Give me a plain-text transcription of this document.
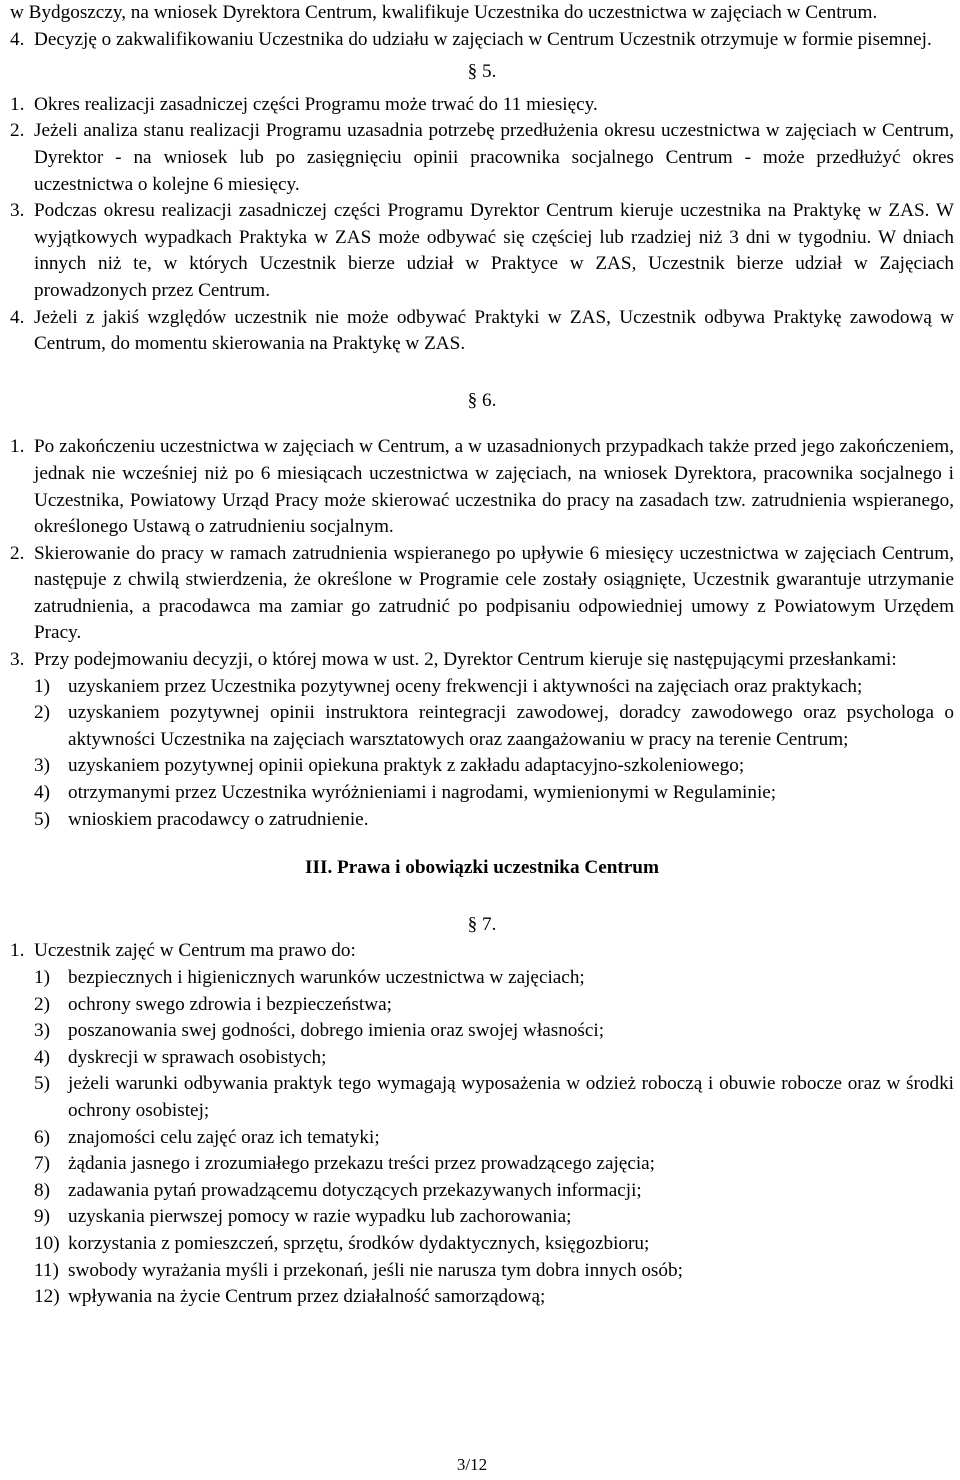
w Bydgoszczy, na wniosek Dyrektora Centrum, kwalifikuje Uczestnika do uczestnictwa w zajęciach w Centrum.
4. Decyzję o zakwalifikowaniu Uczestnika do udziału w zajęciach w Centrum Uczestnik otrzymuje w formie pisemnej.
§ 5.
1. Okres realizacji zasadniczej części Programu może trwać do 11 miesięcy.
2. Jeżeli analiza stanu realizacji Programu uzasadnia potrzebę przedłużenia okresu uczestnictwa w zajęciach w Centrum, Dyrektor - na wniosek lub po zasięgnięciu opinii pracownika socjalnego Centrum - może przedłużyć okres uczestnictwa o kolejne 6 miesięcy.
3. Podczas okresu realizacji zasadniczej części Programu Dyrektor Centrum kieruje uczestnika na Praktykę w ZAS. W wyjątkowych wypadkach Praktyka w ZAS może odbywać się częściej lub rzadziej niż 3 dni w tygodniu. W dniach innych niż te, w których Uczestnik bierze udział w Praktyce w ZAS, Uczestnik bierze udział w Zajęciach prowadzonych przez Centrum.
4. Jeżeli z jakiś względów uczestnik nie może odbywać Praktyki w ZAS, Uczestnik odbywa Praktykę zawodową w Centrum, do momentu skierowania na Praktykę w ZAS.
§ 6.
1. Po zakończeniu uczestnictwa w zajęciach w Centrum, a w uzasadnionych przypadkach także przed jego zakończeniem, jednak nie wcześniej niż po 6 miesiącach uczestnictwa w zajęciach, na wniosek Dyrektora, pracownika socjalnego i Uczestnika, Powiatowy Urząd Pracy może skierować uczestnika do pracy na zasadach tzw. zatrudnienia wspieranego, określonego Ustawą o zatrudnieniu socjalnym.
2. Skierowanie do pracy w ramach zatrudnienia wspieranego po upływie 6 miesięcy uczestnictwa w zajęciach Centrum, następuje z chwilą stwierdzenia, że określone w Programie cele zostały osiągnięte, Uczestnik gwarantuje utrzymanie zatrudnienia, a pracodawca ma zamiar go zatrudnić po podpisaniu odpowiedniej umowy z Powiatowym Urzędem Pracy.
3. Przy podejmowaniu decyzji, o której mowa w ust. 2, Dyrektor Centrum kieruje się następującymi przesłankami:
1) uzyskaniem przez Uczestnika pozytywnej oceny frekwencji i aktywności na zajęciach oraz praktykach;
2) uzyskaniem pozytywnej opinii instruktora reintegracji zawodowej, doradcy zawodowego oraz psychologa o aktywności Uczestnika na zajęciach warsztatowych oraz zaangażowaniu w pracy na terenie Centrum;
3) uzyskaniem pozytywnej opinii opiekuna praktyk z zakładu adaptacyjno-szkoleniowego;
4) otrzymanymi przez Uczestnika wyróżnieniami i nagrodami, wymienionymi w Regulaminie;
5) wnioskiem pracodawcy o zatrudnienie.
III. Prawa i obowiązki uczestnika Centrum
§ 7.
1. Uczestnik zajęć w Centrum ma prawo do:
1) bezpiecznych i higienicznych warunków uczestnictwa w zajęciach;
2) ochrony swego zdrowia i bezpieczeństwa;
3) poszanowania swej godności, dobrego imienia oraz swojej własności;
4) dyskrecji w sprawach osobistych;
5) jeżeli warunki odbywania praktyk tego wymagają wyposażenia w odzież roboczą i obuwie robocze oraz w środki ochrony osobistej;
6) znajomości celu zajęć oraz ich tematyki;
7) żądania jasnego i zrozumiałego przekazu treści przez prowadzącego zajęcia;
8) zadawania pytań prowadzącemu dotyczących przekazywanych informacji;
9) uzyskania pierwszej pomocy w razie wypadku lub zachorowania;
10) korzystania z pomieszczeń, sprzętu, środków dydaktycznych, księgozbioru;
11) swobody wyrażania myśli i przekonań, jeśli nie narusza tym dobra innych osób;
12) wpływania na życie Centrum przez działalność samorządową;
3/12
